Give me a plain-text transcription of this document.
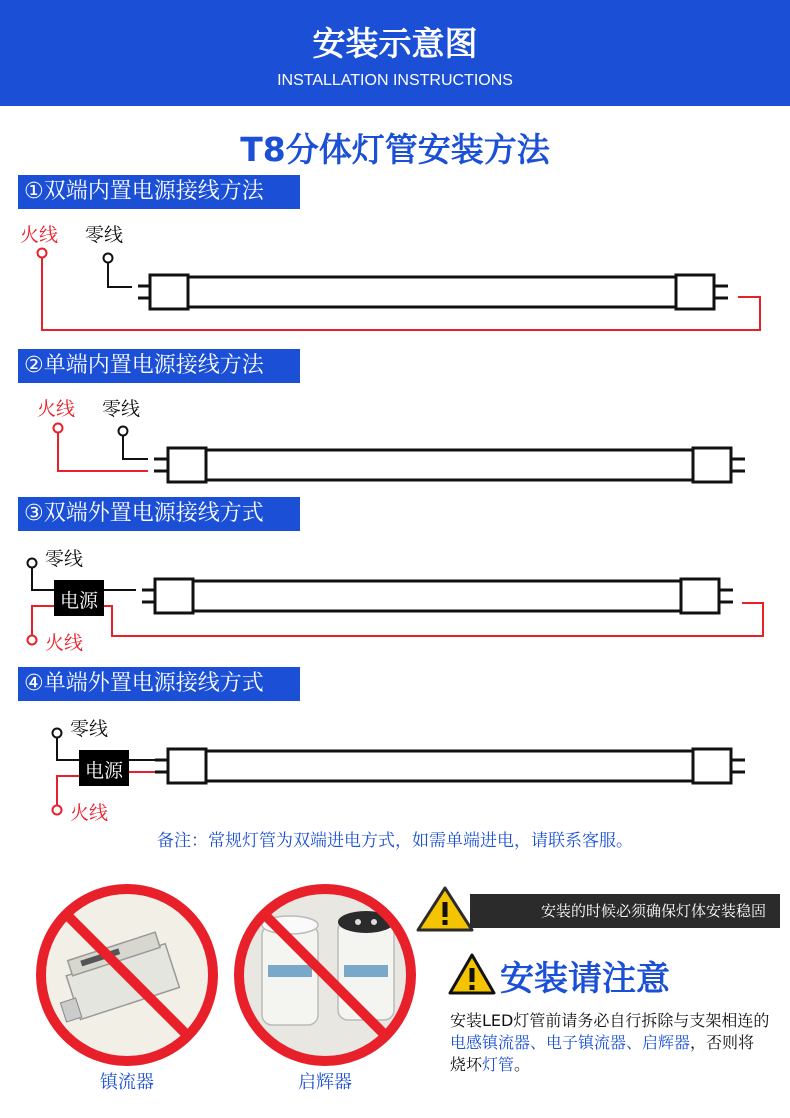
安装示意图
INSTALLATION INSTRUCTIONS
T8分体灯管安装方法
①双端内置电源接线方法
②单端内置电源接线方法
③双端外置电源接线方式
④单端外置电源接线方式
火线 零线
火线 零线
零线
火线
零线
火线
电源
电源
备注：常规灯管为双端进电方式，如需单端进电，请联系客服。
镇流器	启辉器
安装的时候必须确保灯体安装稳固
安装请注意
安装LED灯管前请务必自行拆除与支架相连的电感镇流器、电子镇流器、启辉器，否则将烧坏灯管。
